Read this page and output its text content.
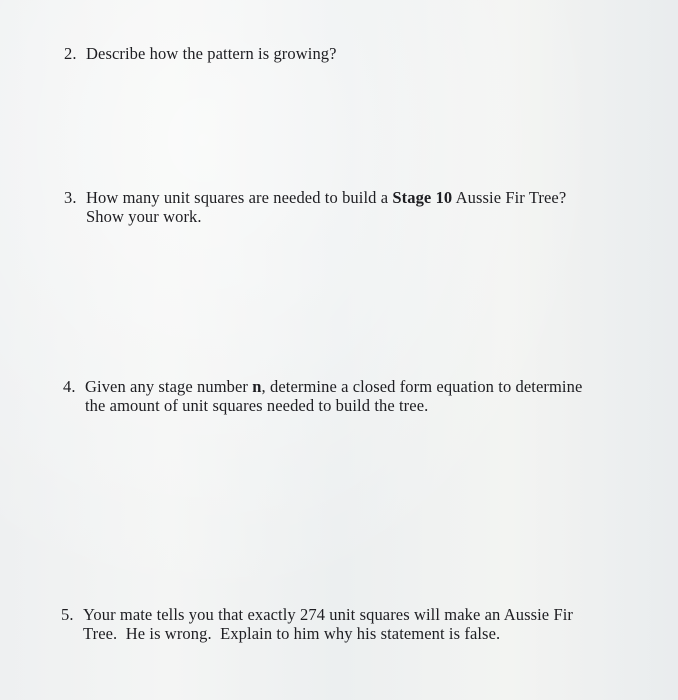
2. Describe how the pattern is growing?
3. How many unit squares are needed to build a Stage 10 Aussie Fir Tree?
Show your work.
4. Given any stage number n, determine a closed form equation to determine
the amount of unit squares needed to build the tree.
5. Your mate tells you that exactly 274 unit squares will make an Aussie Fir
Tree.  He is wrong.  Explain to him why his statement is false.
